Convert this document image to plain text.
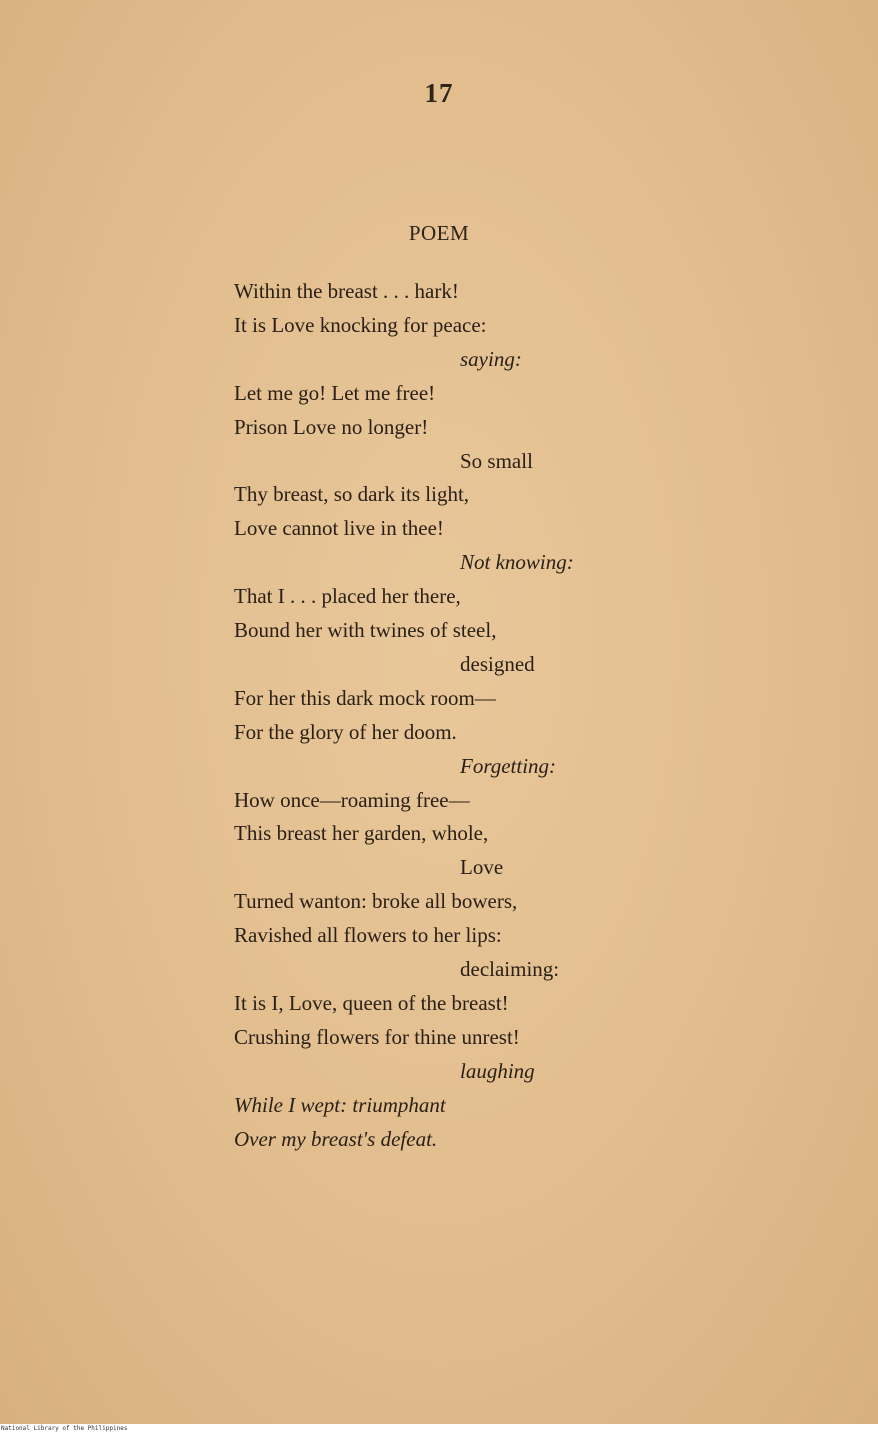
17
POEM
Within the breast . . . hark!
It is Love knocking for peace:
saying:
Let me go! Let me free!
Prison Love no longer!
So small
Thy breast, so dark its light,
Love cannot live in thee!
Not knowing:
That I . . . placed her there,
Bound her with twines of steel,
designed
For her this dark mock room—
For the glory of her doom.
Forgetting:
How once—roaming free—
This breast her garden, whole,
Love
Turned wanton: broke all bowers,
Ravished all flowers to her lips:
declaiming:
It is I, Love, queen of the breast!
Crushing flowers for thine unrest!
laughing
While I wept: triumphant
Over my breast's defeat.
National Library of the Philippines
